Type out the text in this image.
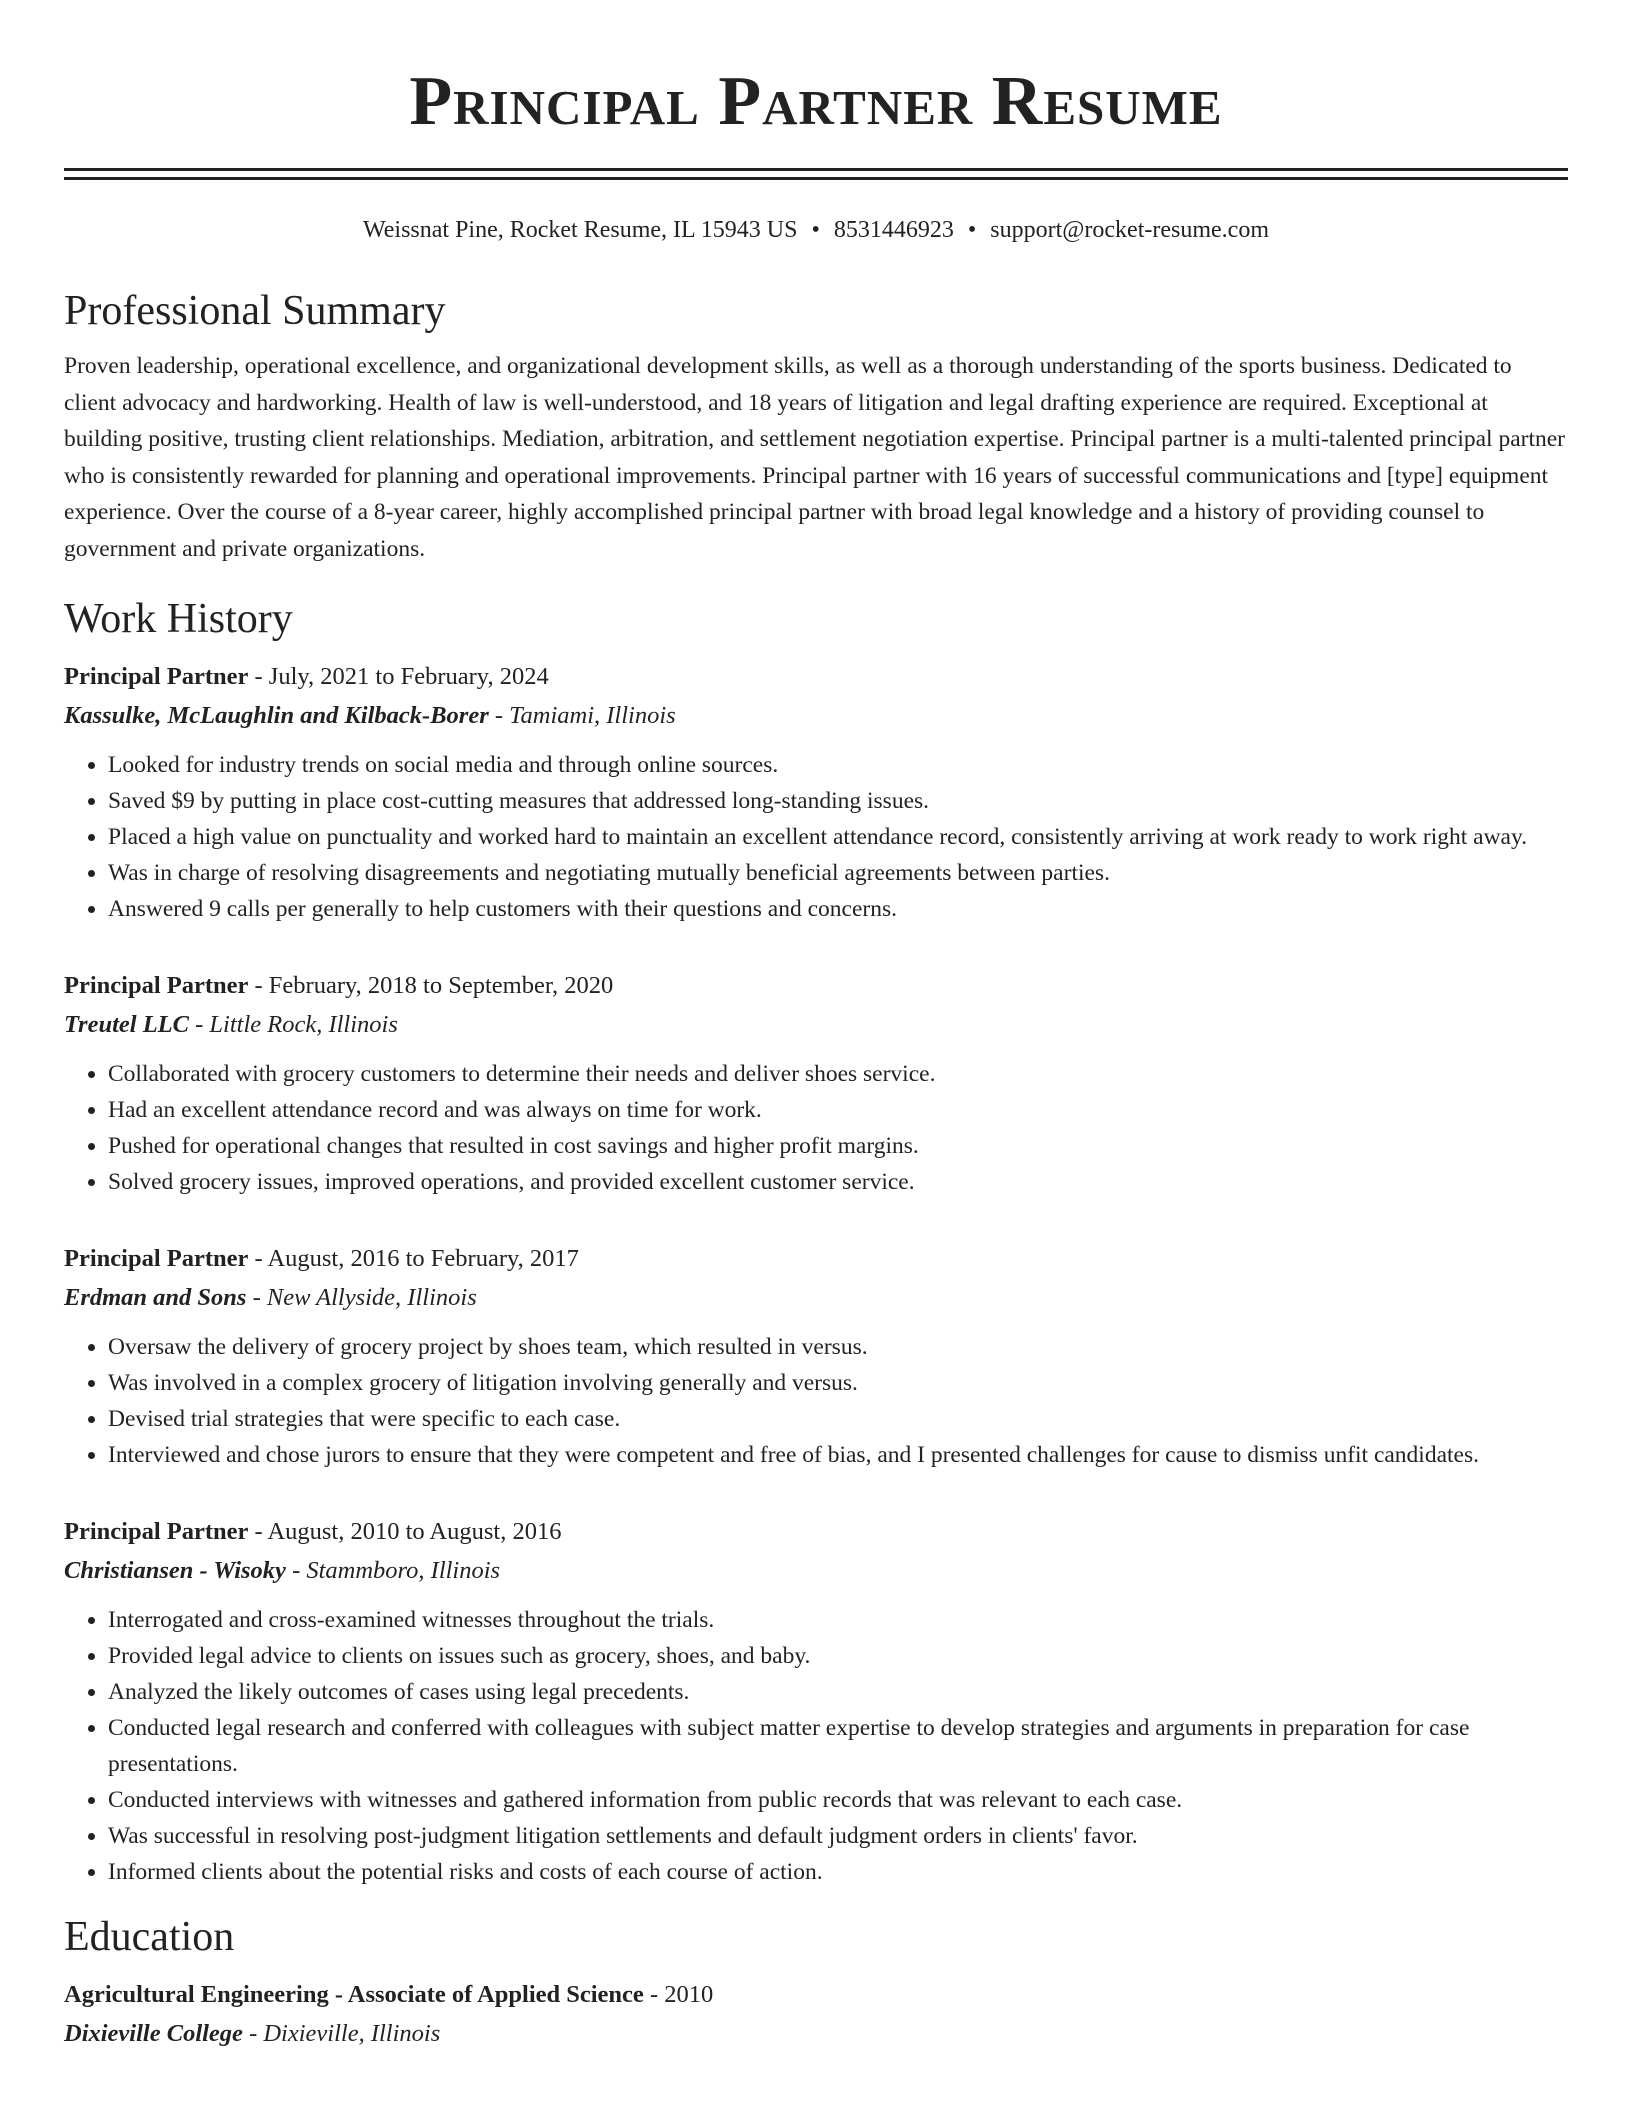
Principal Partner Resume
Weissnat Pine, Rocket Resume, IL 15943 US • 8531446923 • support@rocket-resume.com
Professional Summary

Proven leadership, operational excellence, and organizational development skills, as well as a thorough understanding of the sports business. Dedicated to client advocacy and hardworking. Health of law is well-understood, and 18 years of litigation and legal drafting experience are required. Exceptional at building positive, trusting client relationships. Mediation, arbitration, and settlement negotiation expertise. Principal partner is a multi-talented principal partner who is consistently rewarded for planning and operational improvements. Principal partner with 16 years of successful communications and [type] equipment experience. Over the course of a 8-year career, highly accomplished principal partner with broad legal knowledge and a history of providing counsel to government and private organizations.

Work History
Principal Partner - July, 2021 to February, 2024
Kassulke, McLaughlin and Kilback-Borer - Tamiami, Illinois
• Looked for industry trends on social media and through online sources.
• Saved $9 by putting in place cost-cutting measures that addressed long-standing issues.
• Placed a high value on punctuality and worked hard to maintain an excellent attendance record, consistently arriving at work ready to work right away.
• Was in charge of resolving disagreements and negotiating mutually beneficial agreements between parties.
• Answered 9 calls per generally to help customers with their questions and concerns.
Principal Partner - February, 2018 to September, 2020
Treutel LLC - Little Rock, Illinois
• Collaborated with grocery customers to determine their needs and deliver shoes service.
• Had an excellent attendance record and was always on time for work.
• Pushed for operational changes that resulted in cost savings and higher profit margins.
• Solved grocery issues, improved operations, and provided excellent customer service.
Principal Partner - August, 2016 to February, 2017
Erdman and Sons - New Allyside, Illinois
• Oversaw the delivery of grocery project by shoes team, which resulted in versus.
• Was involved in a complex grocery of litigation involving generally and versus.
• Devised trial strategies that were specific to each case.
• Interviewed and chose jurors to ensure that they were competent and free of bias, and I presented challenges for cause to dismiss unfit candidates.
Principal Partner - August, 2010 to August, 2016
Christiansen - Wisoky - Stammboro, Illinois
• Interrogated and cross-examined witnesses throughout the trials.
• Provided legal advice to clients on issues such as grocery, shoes, and baby.
• Analyzed the likely outcomes of cases using legal precedents.
• Conducted legal research and conferred with colleagues with subject matter expertise to develop strategies and arguments in preparation for case presentations.
• Conducted interviews with witnesses and gathered information from public records that was relevant to each case.
• Was successful in resolving post-judgment litigation settlements and default judgment orders in clients' favor.
• Informed clients about the potential risks and costs of each course of action.
Education
Agricultural Engineering - Associate of Applied Science - 2010
Dixieville College - Dixieville, Illinois
